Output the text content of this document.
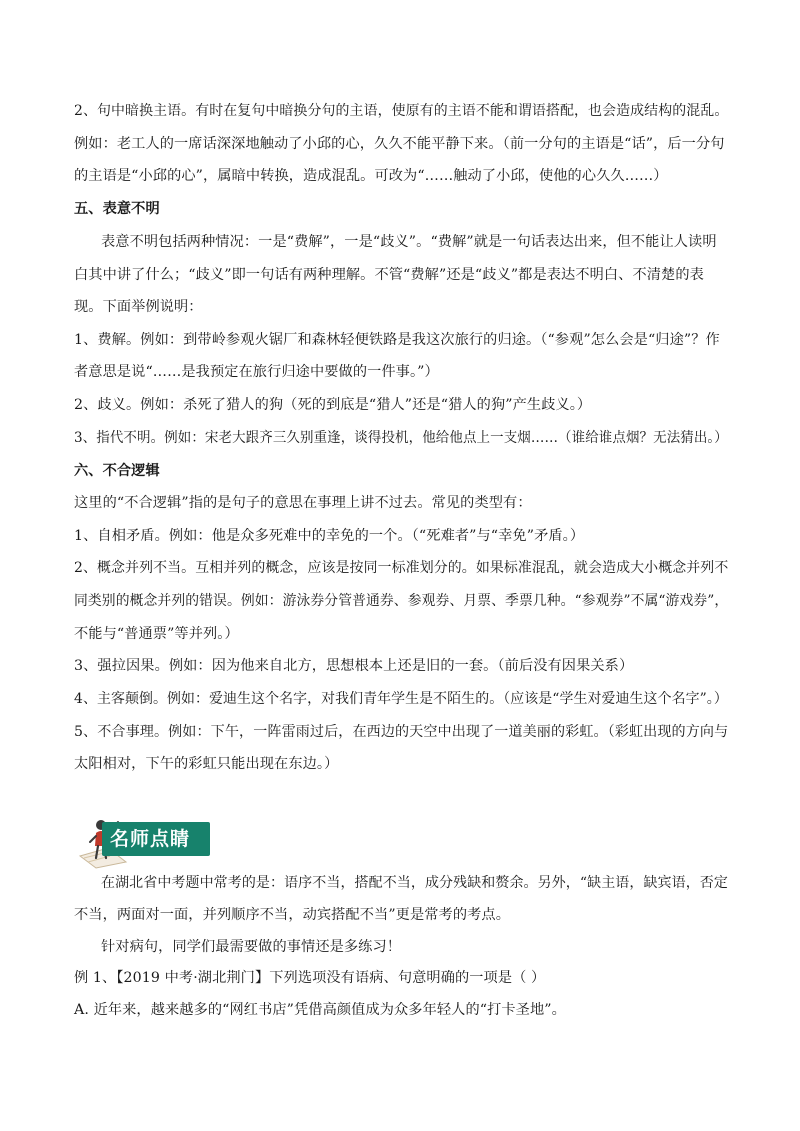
2、句中暗换主语。有时在复句中暗换分句的主语，使原有的主语不能和谓语搭配，也会造成结构的混乱。
例如：老工人的一席话深深地触动了小邱的心，久久不能平静下来。（前一分句的主语是“话”，后一分句
的主语是“小邱的心”，属暗中转换，造成混乱。可改为“……触动了小邱，使他的心久久……）
五、表意不明
表意不明包括两种情况：一是“费解”，一是“歧义”。“费解”就是一句话表达出来，但不能让人读明
白其中讲了什么；“歧义”即一句话有两种理解。不管“费解”还是“歧义”都是表达不明白、不清楚的表
现。下面举例说明：
1、费解。例如：到带岭参观火锯厂和森林轻便铁路是我这次旅行的归途。（“参观”怎么会是“归途”？作
者意思是说“……是我预定在旅行归途中要做的一件事。”）
2、歧义。例如：杀死了猎人的狗（死的到底是“猎人”还是“猎人的狗”产生歧义。）
3、指代不明。例如：宋老大跟齐三久别重逢，谈得投机，他给他点上一支烟……（谁给谁点烟？无法猜出。）
六、不合逻辑
这里的“不合逻辑”指的是句子的意思在事理上讲不过去。常见的类型有：
1、自相矛盾。例如：他是众多死难中的幸免的一个。（“死难者”与“幸免”矛盾。）
2、概念并列不当。互相并列的概念，应该是按同一标准划分的。如果标准混乱，就会造成大小概念并列不
同类别的概念并列的错误。例如：游泳券分管普通券、参观券、月票、季票几种。“参观券”不属“游戏券”，
不能与“普通票”等并列。）
3、强拉因果。例如：因为他来自北方，思想根本上还是旧的一套。（前后没有因果关系）
4、主客颠倒。例如：爱迪生这个名字，对我们青年学生是不陌生的。（应该是“学生对爱迪生这个名字”。）
5、不合事理。例如：下午，一阵雷雨过后，在西边的天空中出现了一道美丽的彩虹。（彩虹出现的方向与
太阳相对，下午的彩虹只能出现在东边。）
名师点睛
在湖北省中考题中常考的是：语序不当，搭配不当，成分残缺和赘余。另外，“缺主语，缺宾语，否定
不当，两面对一面，并列顺序不当，动宾搭配不当”更是常考的考点。
针对病句，同学们最需要做的事情还是多练习！
例 1、【2019 中考·湖北荆门】下列选项没有语病、句意明确的一项是（ ）
A. 近年来，越来越多的“网红书店”凭借高颜值成为众多年轻人的“打卡圣地”。
